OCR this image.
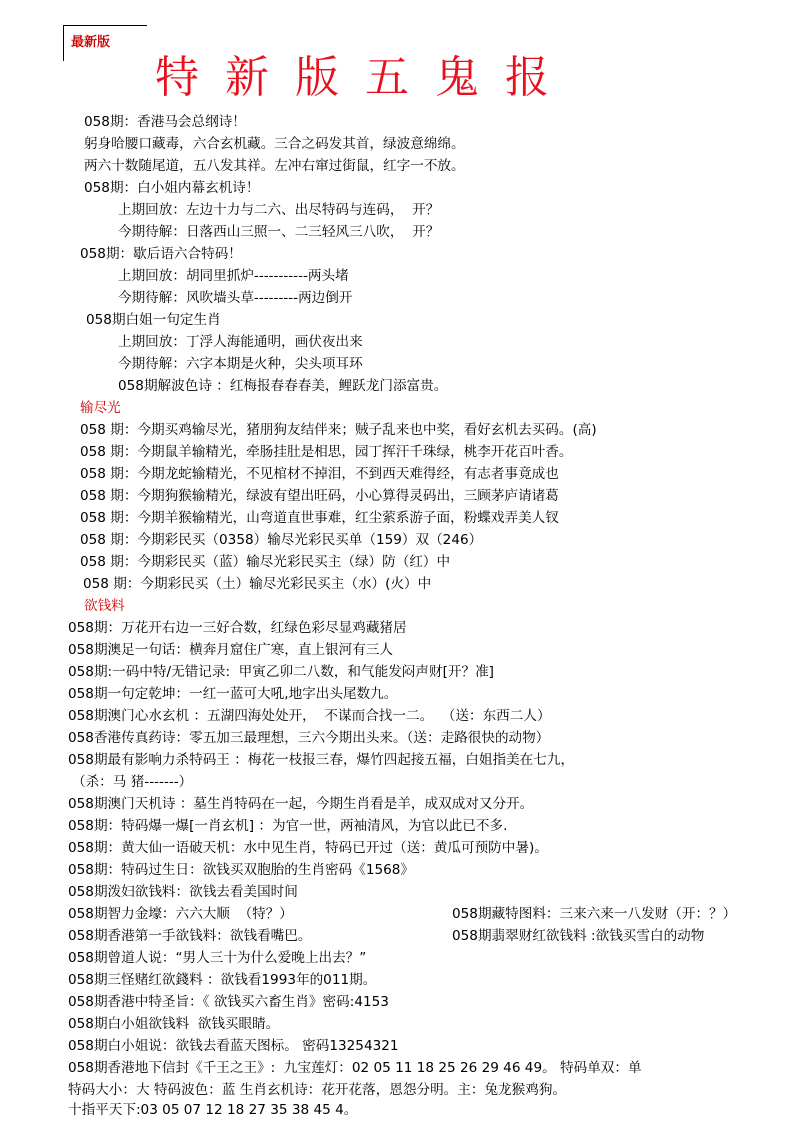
最新版
特新版五鬼报
058期：香港马会总纲诗！
躬身哈腰口藏毒，六合玄机藏。三合之码发其首，绿波意绵绵。
两六十数随尾道，五八发其祥。左冲右窜过街鼠，红字一不放。
058期：白小姐内幕玄机诗！
上期回放：左边十力与二六、出尽特码与连码，  开？
今期待解：日落西山三照一、二三轻风三八吹，  开？
058期：歇后语六合特码！
上期回放：胡同里抓炉-----------两头堵
今期待解：风吹墙头草---------两边倒开
058期白姐一句定生肖
上期回放：丁浮人海能通明，画伏夜出来
今期待解：六字本期是火种，尖头项耳环
058期解波色诗 ：红梅报春春春美，鲤跃龙门添富贵。
输尽光
058 期：今期买鸡输尽光，猪朋狗友结伴来；贼子乱来也中奖，看好玄机去买码。(高)
058 期：今期鼠羊输精光，牵肠挂肚是相思，园丁挥汗千珠绿，桃李开花百叶香。
058 期：今期龙蛇输精光，不见棺材不掉泪，不到西天难得经，有志者事竟成也
058 期：今期狗猴输精光，绿波有望出旺码，小心算得灵码出，三顾茅庐请诸葛
058 期：今期羊猴输精光，山弯道直世事难，红尘萦系游子面，粉蝶戏弄美人钗
058 期：今期彩民买（0358）输尽光彩民买单（159）双（246）
058 期：今期彩民买（蓝）输尽光彩民买主（绿）防（红）中
058 期：今期彩民买（土）输尽光彩民买主（水）(火）中
欲钱料
058期：万花开右边一三好合数，红绿色彩尽显鸡藏猪居
058期澳足一句话：横奔月窟住广寒，直上银河有三人
058期:一码中特/无错记录:  甲寅乙卯二八数，和气能发闷声财[开？准]
058期一句定乾坤：一红一蓝可大吼,地字出头尾数九。
058期澳门心水玄机 ：五湖四海处处开，  不谋而合找一二。  （送：东西二人）
058香港传真药诗：零五加三最理想，三六今期出头来。（送：走路很快的动物）
058期最有影响力杀特码王 ：梅花一枝报三春，爆竹四起接五福，白姐指美在七九，
（杀：马 猪-------）
058期澳门天机诗 ：墓生肖特码在一起，今期生肖看是羊，成双成对又分开。
058期：特码爆一爆[一肖玄机] ：为官一世，两袖清风，为官以此已不多.
058期：黄大仙一语破天机：水中见生肖，特码已开过（送：黄瓜可预防中暑)。
058期：特码过生日：欲钱买双胞胎的生肖密码《1568》
058期泼妇欲钱料：欲钱去看美国时间
058期智力金壕：六六大顺  （特？）	058期藏特图料：三来六来一八发财（开：？）
058期香港第一手欲钱料：欲钱看嘴巴。	058期翡翠财红欲钱料 :欲钱买雪白的动物
058期曾道人说：“男人三十为什么爱晚上出去？”
058期三怪赌红欲錢料 ：欲钱看1993年的011期。
058期香港中特圣旨：《 欲钱买六畜生肖》密码:4153
058期白小姐欲钱料  欲钱买眼睛。
058期白小姐说：欲钱去看蓝天图标。 密码13254321
058期香港地下信封《千王之王》:  九宝莲灯：02 05 11 18 25 26 29 46 49。 特码单双：单
特码大小：大 特码波色：蓝 生肖玄机诗：花开花落，恩怨分明。主：兔龙猴鸡狗。
十指平天下:03 05 07 12 18 27 35 38 45 4。
